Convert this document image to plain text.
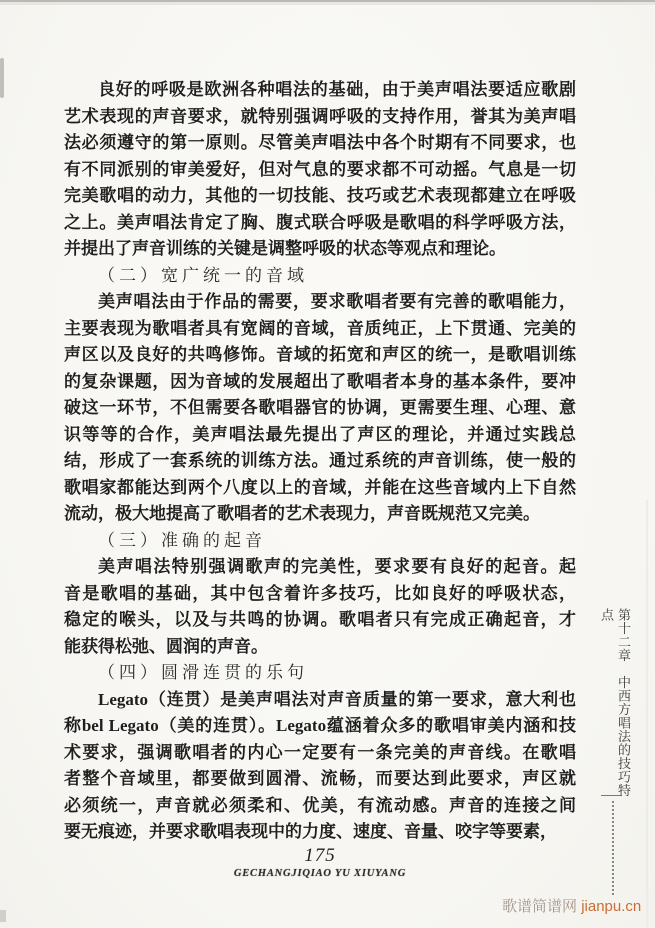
良好的呼吸是欧洲各种唱法的基础，由于美声唱法要适应歌剧
艺术表现的声音要求，就特别强调呼吸的支持作用，誉其为美声唱
法必须遵守的第一原则。尽管美声唱法中各个时期有不同要求，也
有不同派别的审美爱好，但对气息的要求都不可动摇。气息是一切
完美歌唱的动力，其他的一切技能、技巧或艺术表现都建立在呼吸
之上。美声唱法肯定了胸、腹式联合呼吸是歌唱的科学呼吸方法，
并提出了声音训练的关键是调整呼吸的状态等观点和理论。
（二）宽广统一的音域
美声唱法由于作品的需要，要求歌唱者要有完善的歌唱能力，
主要表现为歌唱者具有宽阔的音域，音质纯正，上下贯通、完美的
声区以及良好的共鸣修饰。音域的拓宽和声区的统一，是歌唱训练
的复杂课题，因为音域的发展超出了歌唱者本身的基本条件，要冲
破这一环节，不但需要各歌唱器官的协调，更需要生理、心理、意
识等等的合作，美声唱法最先提出了声区的理论，并通过实践总
结，形成了一套系统的训练方法。通过系统的声音训练，使一般的
歌唱家都能达到两个八度以上的音域，并能在这些音域内上下自然
流动，极大地提高了歌唱者的艺术表现力，声音既规范又完美。
（三）准确的起音
美声唱法特别强调歌声的完美性，要求要有良好的起音。起
音是歌唱的基础，其中包含着许多技巧，比如良好的呼吸状态，
稳定的喉头，以及与共鸣的协调。歌唱者只有完成正确起音，才
能获得松弛、圆润的声音。
（四）圆滑连贯的乐句
Legato（连贯）是美声唱法对声音质量的第一要求，意大利也
称bel Legato（美的连贯）。Legato蕴涵着众多的歌唱审美内涵和技
术要求，强调歌唱者的内心一定要有一条完美的声音线。在歌唱
者整个音域里，都要做到圆滑、流畅，而要达到此要求，声区就
必须统一，声音就必须柔和、优美，有流动感。声音的连接之间
要无痕迹，并要求歌唱表现中的力度、速度、音量、咬字等要素，
175
GECHANGJIQIAO YU XIUYANG
第十二章　中西方唱法的技巧特点
歌谱简谱网 jianpu.cn
